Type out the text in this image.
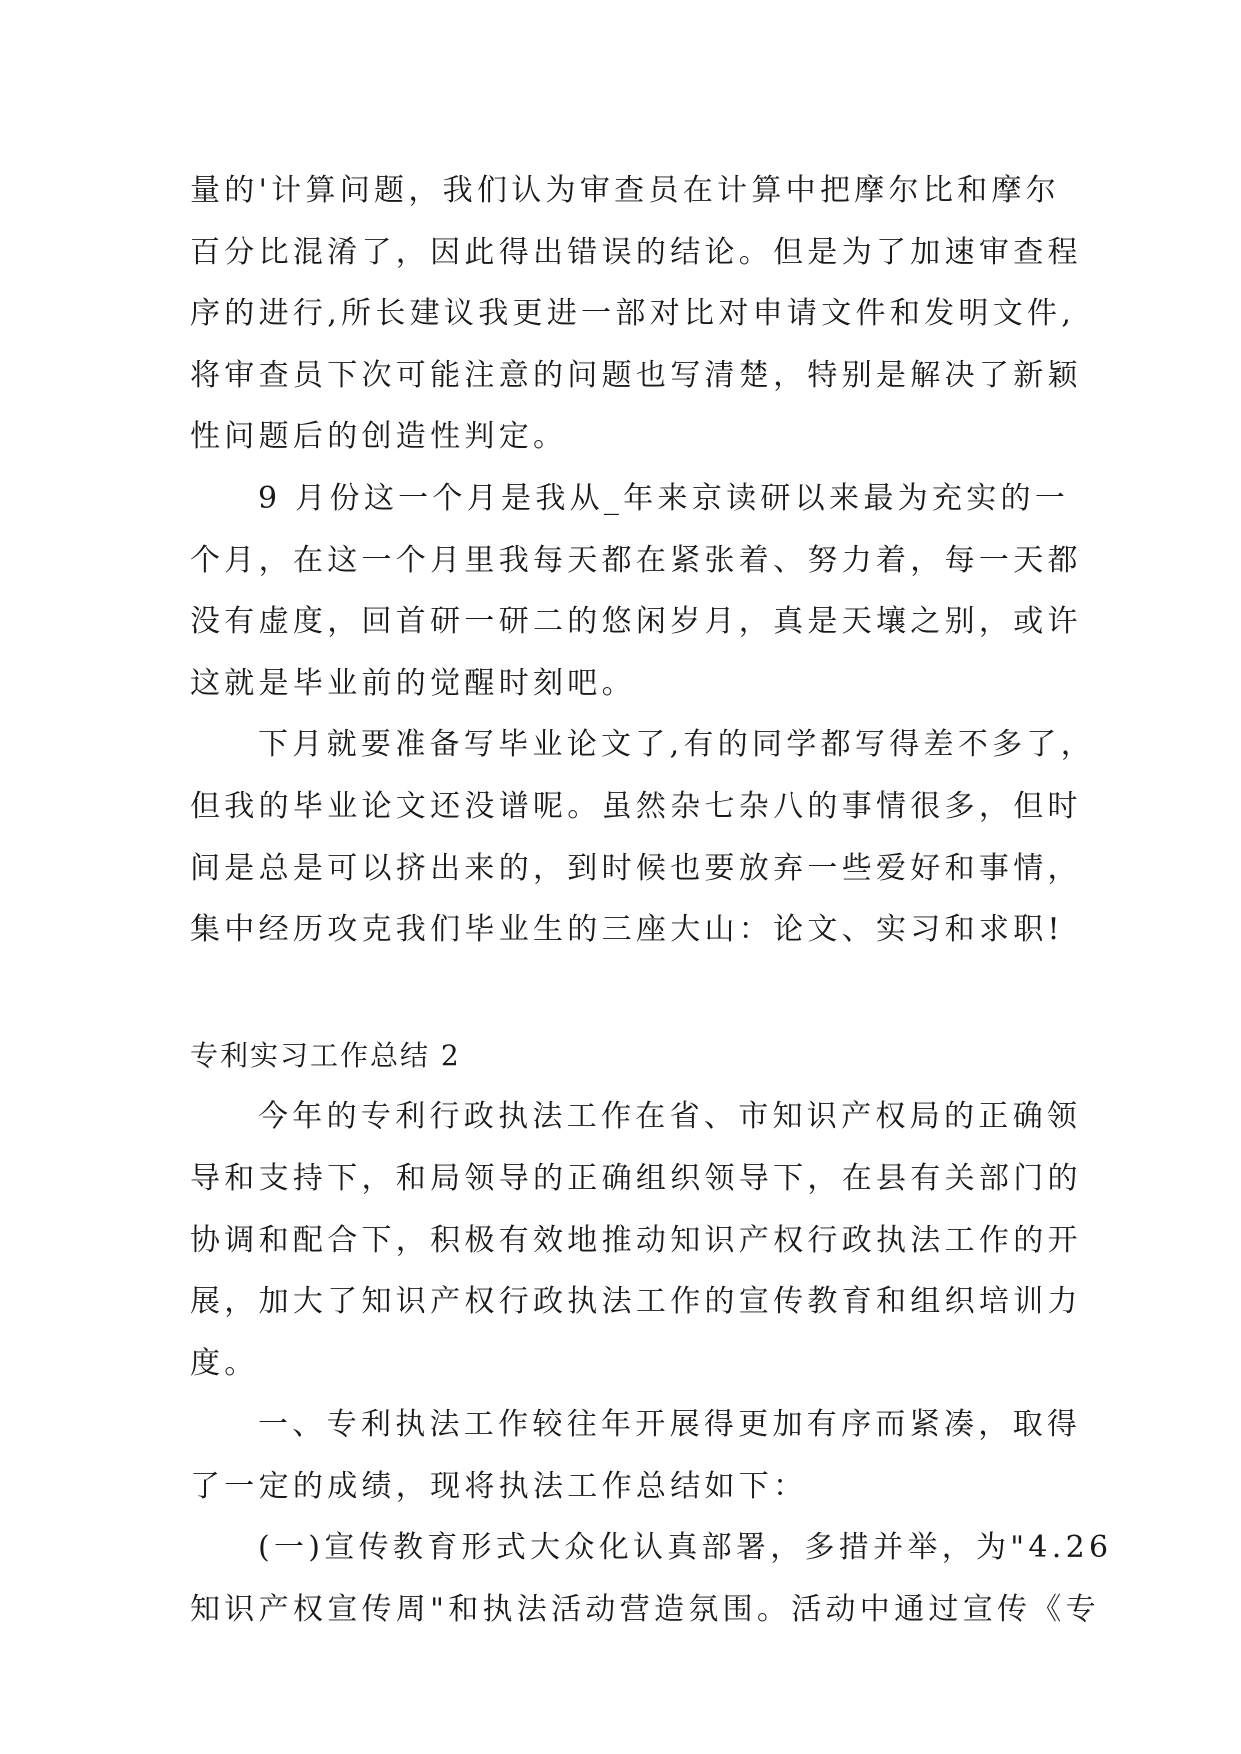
量的'计算问题，我们认为审查员在计算中把摩尔比和摩尔
百分比混淆了，因此得出错误的结论。但是为了加速审查程
序的进行,所长建议我更进一部对比对申请文件和发明文件,
将审查员下次可能注意的问题也写清楚，特别是解决了新颖
性问题后的创造性判定。
9 月份这一个月是我从_年来京读研以来最为充实的一
个月，在这一个月里我每天都在紧张着、努力着，每一天都
没有虚度，回首研一研二的悠闲岁月，真是天壤之别，或许
这就是毕业前的觉醒时刻吧。
下月就要准备写毕业论文了,有的同学都写得差不多了，
但我的毕业论文还没谱呢。虽然杂七杂八的事情很多，但时
间是总是可以挤出来的，到时候也要放弃一些爱好和事情，
集中经历攻克我们毕业生的三座大山：论文、实习和求职!
专利实习工作总结 2
今年的专利行政执法工作在省、市知识产权局的正确领
导和支持下，和局领导的正确组织领导下，在县有关部门的
协调和配合下，积极有效地推动知识产权行政执法工作的开
展，加大了知识产权行政执法工作的宣传教育和组织培训力
度。
一、专利执法工作较往年开展得更加有序而紧凑，取得
了一定的成绩，现将执法工作总结如下：
(一)宣传教育形式大众化认真部署，多措并举，为"4.26
知识产权宣传周"和执法活动营造氛围。活动中通过宣传《专
